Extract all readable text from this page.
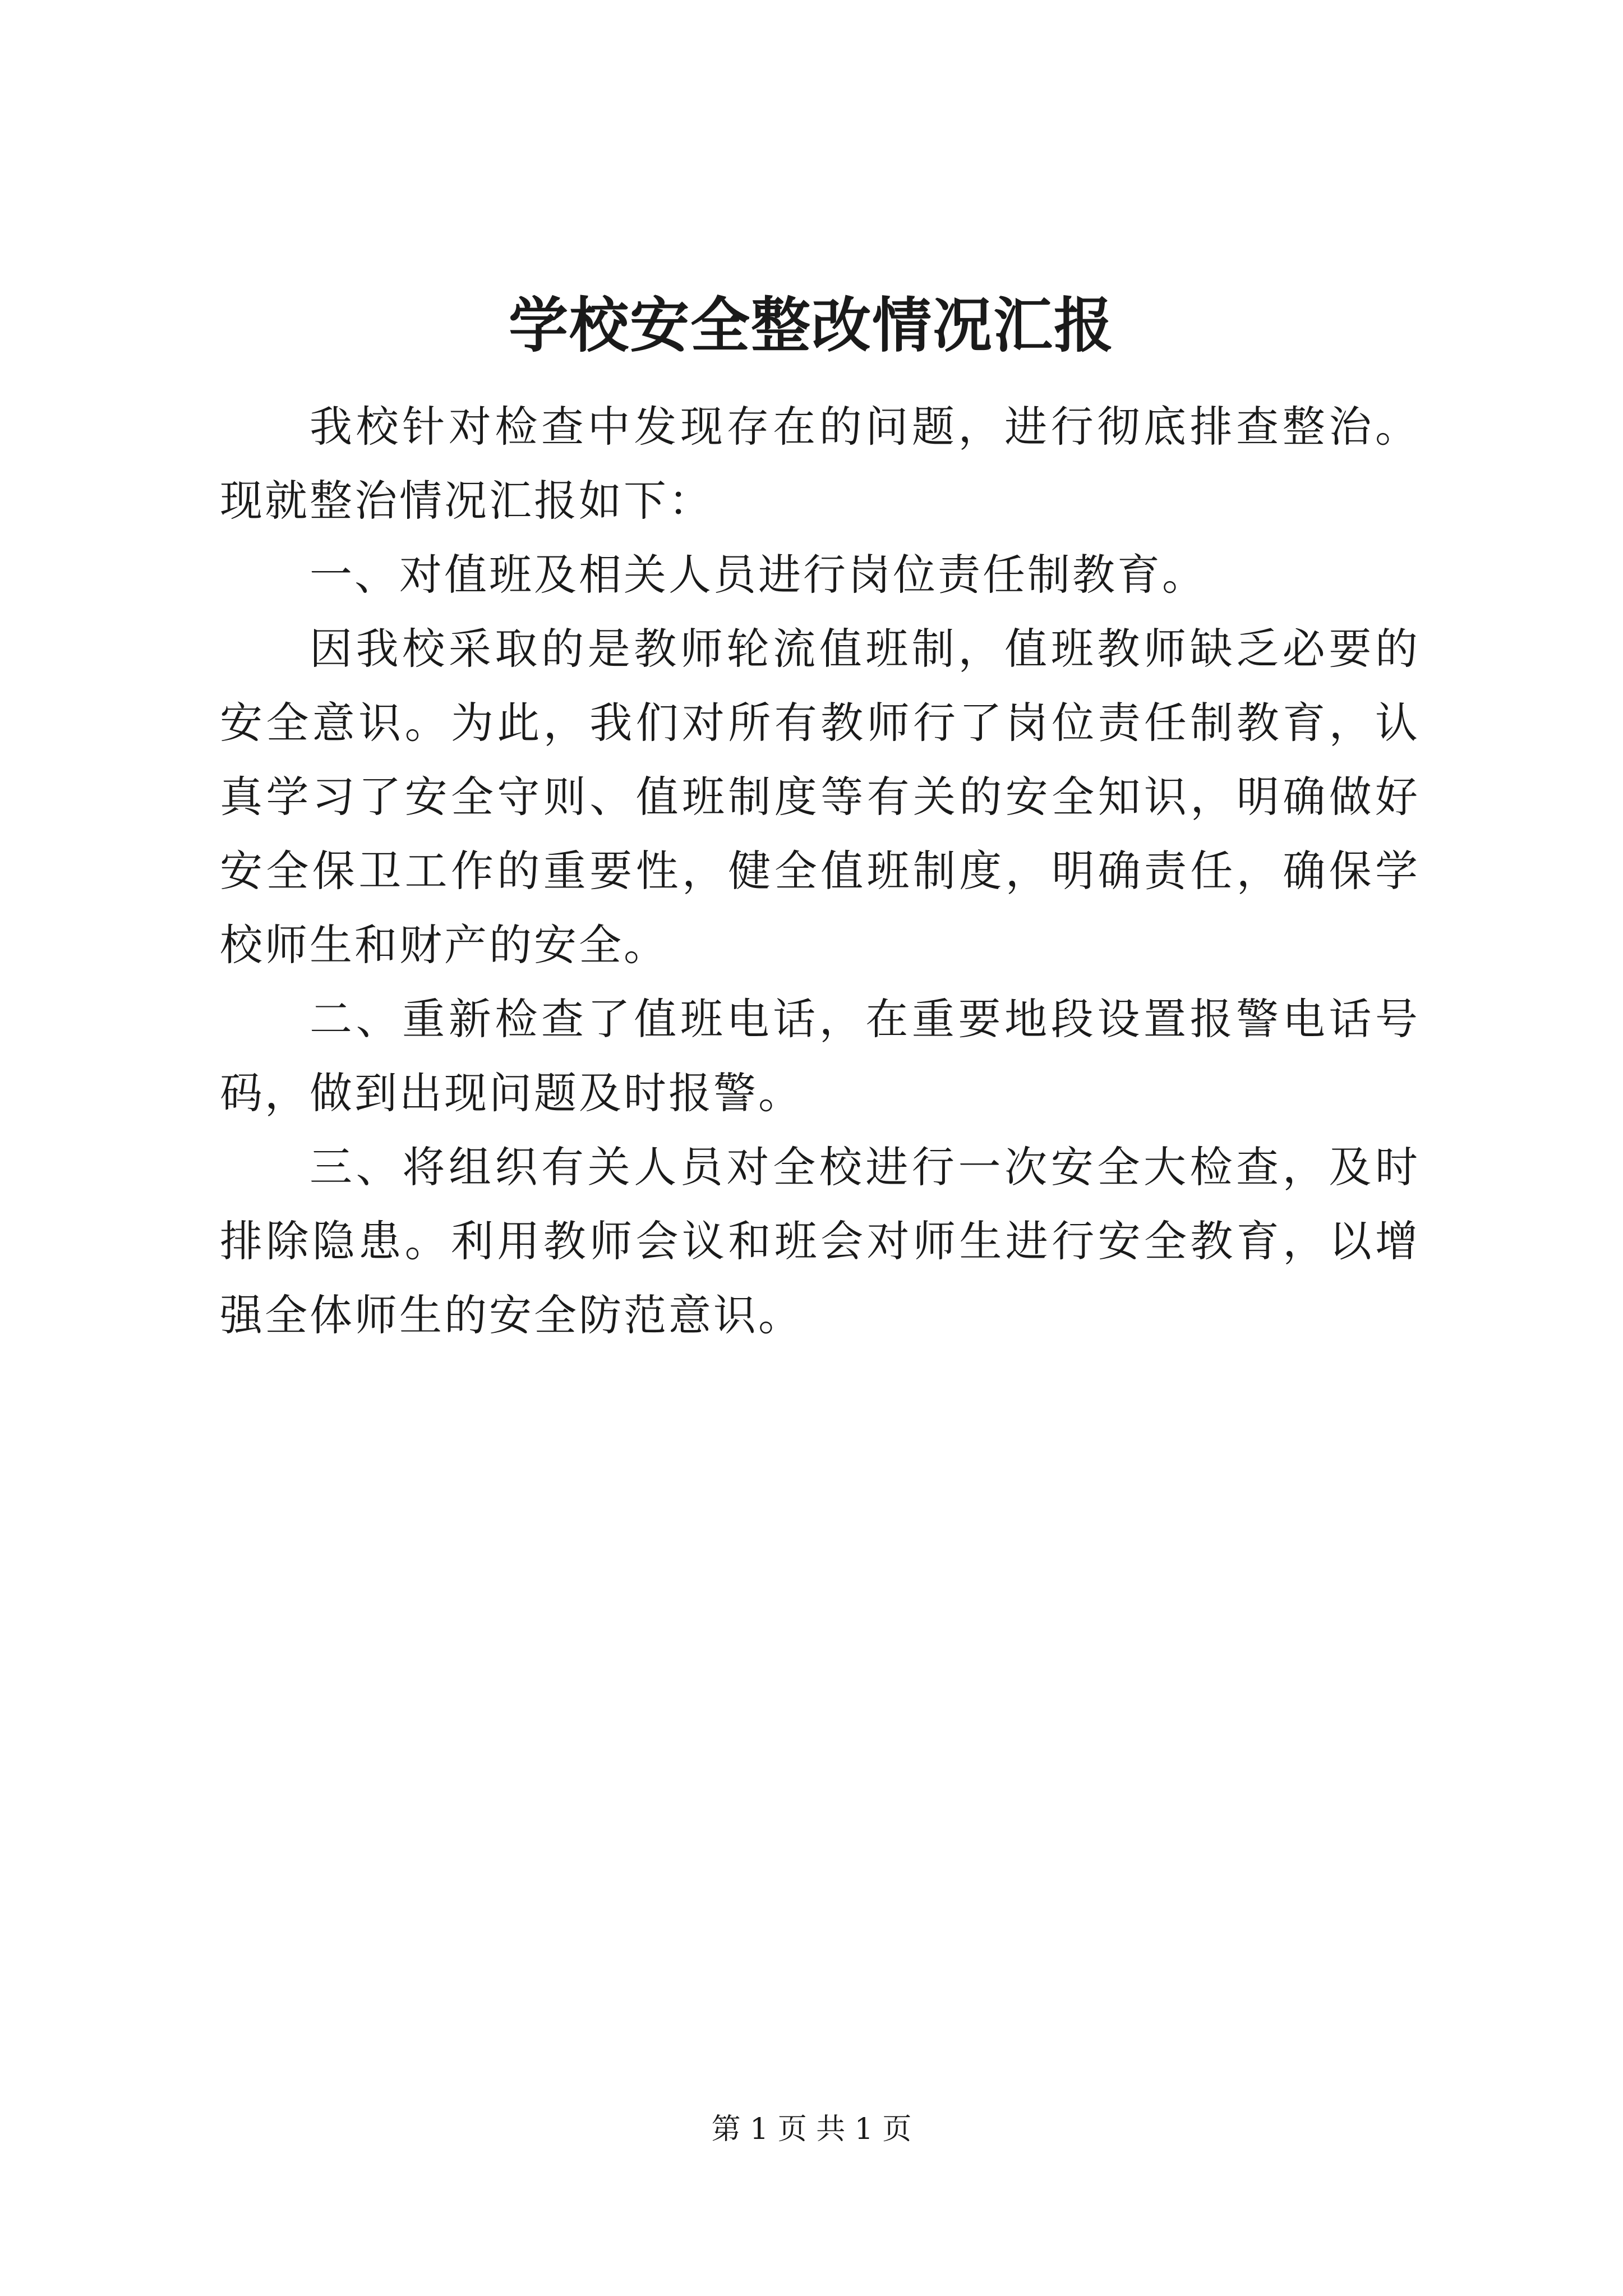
学校安全整改情况汇报

我校针对检查中发现存在的问题，进行彻底排查整治。现就整治情况汇报如下：

一、对值班及相关人员进行岗位责任制教育。

因我校采取的是教师轮流值班制，值班教师缺乏必要的安全意识。为此，我们对所有教师行了岗位责任制教育，认真学习了安全守则、值班制度等有关的安全知识，明确做好安全保卫工作的重要性，健全值班制度，明确责任，确保学校师生和财产的安全。

二、重新检查了值班电话，在重要地段设置报警电话号码，做到出现问题及时报警。

三、将组织有关人员对全校进行一次安全大检查，及时排除隐患。利用教师会议和班会对师生进行安全教育，以增强全体师生的安全防范意识。

第 1 页 共 1 页
